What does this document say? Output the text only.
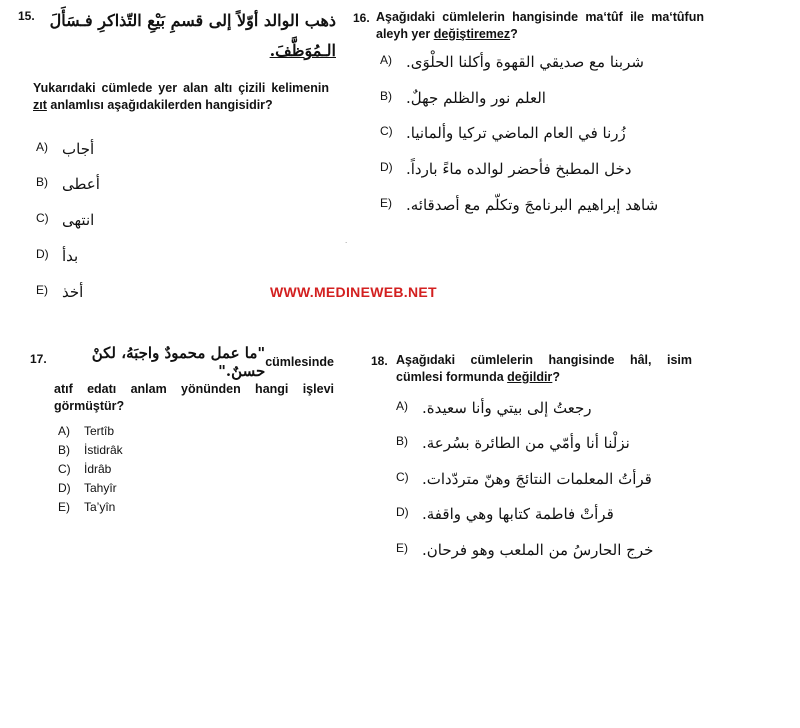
15. ذهب الوالد أوّلاً إلى قسمِ بَيْعِ التّذاكرِ فـسَأَلَ
الـمُوَظَّفَ.
Yukarıdaki cümlede yer alan altı çizili kelimenin zıt anlamlısı aşağıdakilerden hangisidir?
A) أجاب
B) أعطى
C) انتهى
D) بدأ
E) أخذ
16. Aşağıdaki cümlelerin hangisinde ma‘tûf ile ma‘tûfun aleyh yer değiştiremez?
A) شربنا مع صديقي القهوة وأكلنا الحلْوَى.
B) العلم نور والظلم جهلٌ.
C) زُرنا في العام الماضي تركيا وألمانيا.
D) دخل المطبخ فأحضر لوالده ماءً بارداً.
E) شاهد إبراهيم البرنامجَ وتكلّم مع أصدقائه.
٠
WWW.MEDINEWEB.NET
17.	"ما عمل محمودٌ واجبَهُ، لكنْ حسنٌ." cümlesinde
atıf edatı anlam yönünden hangi işlevi görmüştür?
A)	Tertîb
B)	İstidrâk
C)	İdrâb
D)	Tahyîr
E)	Ta’yîn
18. Aşağıdaki cümlelerin hangisinde hâl, isim cümlesi formunda değildir?
A) رجعتُ إلى بيتي وأنا سعيدة.
B) نزلْنا أنا وأمّي من الطائرة بسُرعة.
C) قرأتُ المعلمات النتائجَ وهنّ متردّدات.
D) قرأتْ فاطمة كتابها وهي واقفة.
E) خرج الحارسُ من الملعب وهو فرحان.
